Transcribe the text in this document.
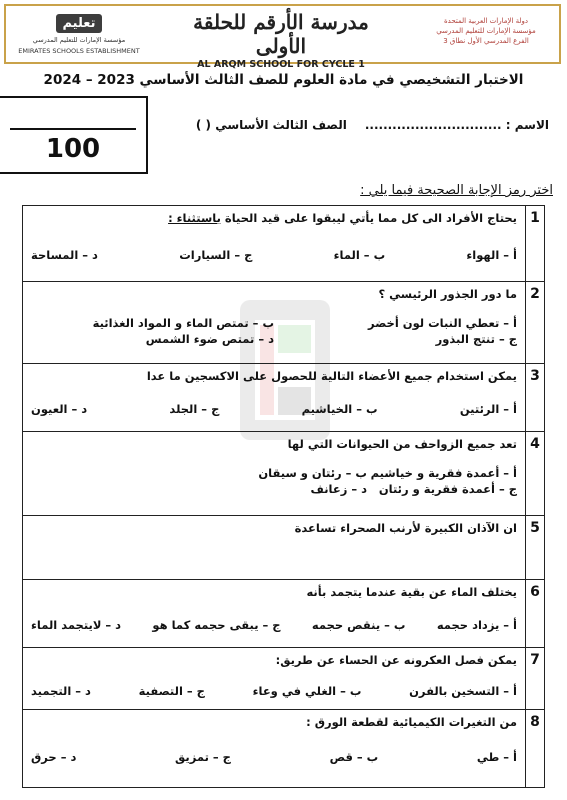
تعليم
مؤسسة الإمارات للتعليم المدرسي
EMIRATES SCHOOLS ESTABLISHMENT
مدرسة الأرقم للحلقة الأولى
AL ARQM SCHOOL FOR CYCLE 1
دولة الإمارات العربية المتحدة
مؤسسة الإمارات للتعليم المدرسي
الفرع المدرسي الأول نطاق 3
الاختبار التشخيصي في مادة العلوم للصف الثالث الأساسي 2023 – 2024
100
الاسم : ..............................
الصف الثالث الأساسي ( )
اختر رمز الإجابة الصحيحة فيما يلي :
1	يحتاج الأفراد الى كل مما يأتي ليبقوا على قيد الحياة باستثناء :
أ – الهواء
ب – الماء
ج – السيارات
د – المساحة

2	ما دور الجذور الرئيسي ؟
أ – تعطي النبات لون أخضر
ب – تمتص الماء و المواد الغذائية
ج – تنتج البذور
د – تمتص ضوء الشمس

3	يمكن استخدام جميع الأعضاء التالية للحصول على الاكسجين ما عدا
أ – الرئتين
ب – الخياشيم
ج – الجلد
د – العيون

4	تعد جميع الزواحف من الحيوانات التي لها
أ – أعمدة فقرية و خياشيم
ب – رئتان و سيقان
ج – أعمدة فقرية و رئتان
د – زعانف

5	ان الآذان الكبيرة لأرنب الصحراء تساعدة

6	يختلف الماء عن بقية عندما يتجمد بأنه
أ – يزداد حجمه
ب – ينقص حجمه
ج – يبقى حجمه كما هو
د – لايتجمد الماء

7	يمكن فصل العكرونه عن الحساء عن طريق:
أ – التسخين بالفرن
ب – الغلي في وعاء
ج – التصفية
د – التجميد

8	من التغيرات الكيميائية لقطعة الورق :
أ – طي
ب – قص
ج – تمزيق
د – حرق
